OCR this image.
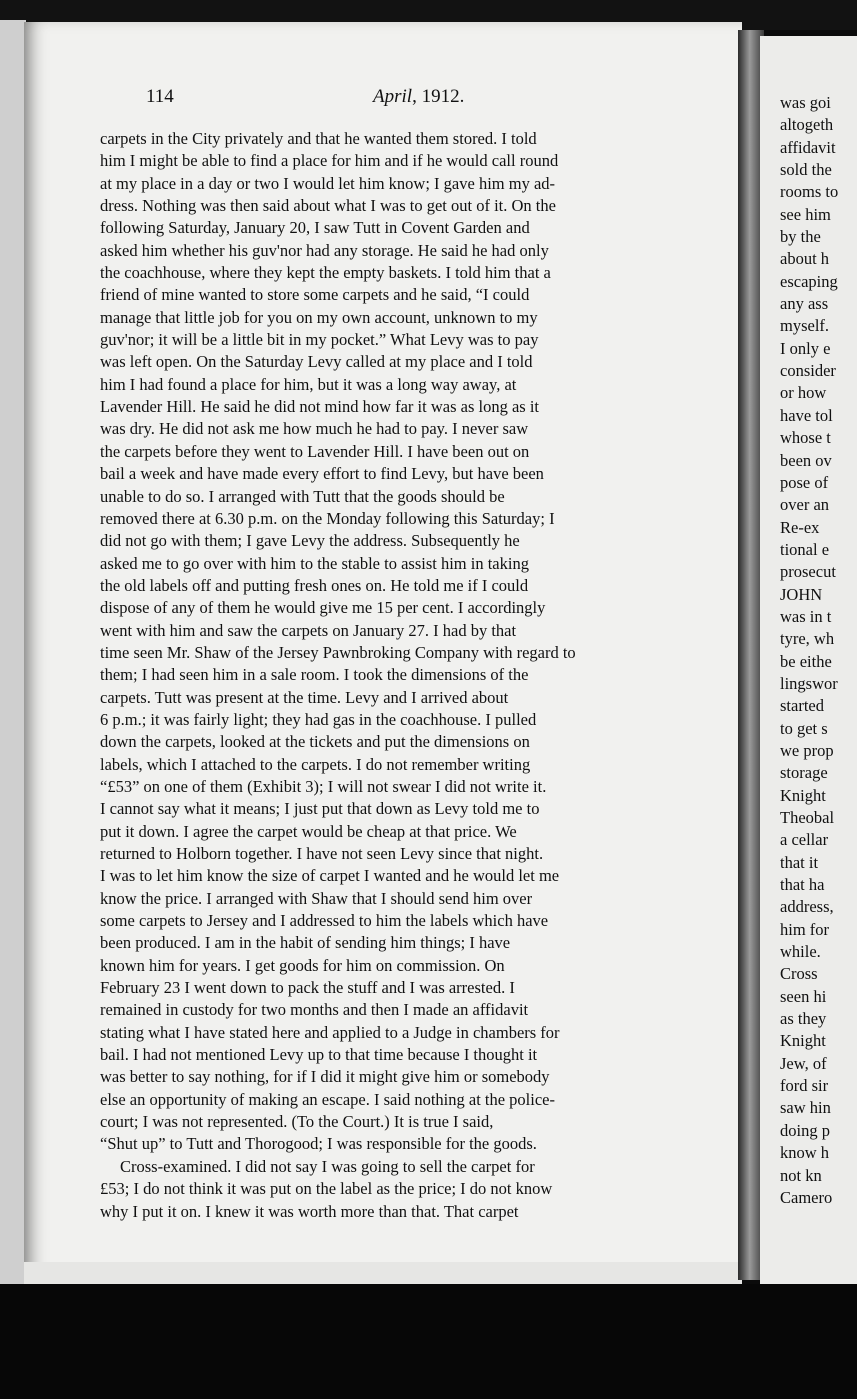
114	April, 1912.
carpets in the City privately and that he wanted them stored. I told
him I might be able to find a place for him and if he would call round
at my place in a day or two I would let him know; I gave him my ad-
dress. Nothing was then said about what I was to get out of it. On the
following Saturday, January 20, I saw Tutt in Covent Garden and
asked him whether his guv'nor had any storage. He said he had only
the coachhouse, where they kept the empty baskets. I told him that a
friend of mine wanted to store some carpets and he said, “I could
manage that little job for you on my own account, unknown to my
guv'nor; it will be a little bit in my pocket.” What Levy was to pay
was left open. On the Saturday Levy called at my place and I told
him I had found a place for him, but it was a long way away, at
Lavender Hill. He said he did not mind how far it was as long as it
was dry. He did not ask me how much he had to pay. I never saw
the carpets before they went to Lavender Hill. I have been out on
bail a week and have made every effort to find Levy, but have been
unable to do so. I arranged with Tutt that the goods should be
removed there at 6.30 p.m. on the Monday following this Saturday; I
did not go with them; I gave Levy the address. Subsequently he
asked me to go over with him to the stable to assist him in taking
the old labels off and putting fresh ones on. He told me if I could
dispose of any of them he would give me 15 per cent. I accordingly
went with him and saw the carpets on January 27. I had by that
time seen Mr. Shaw of the Jersey Pawnbroking Company with regard to
them; I had seen him in a sale room. I took the dimensions of the
carpets. Tutt was present at the time. Levy and I arrived about
6 p.m.; it was fairly light; they had gas in the coachhouse. I pulled
down the carpets, looked at the tickets and put the dimensions on
labels, which I attached to the carpets. I do not remember writing
“£53” on one of them (Exhibit 3); I will not swear I did not write it.
I cannot say what it means; I just put that down as Levy told me to
put it down. I agree the carpet would be cheap at that price. We
returned to Holborn together. I have not seen Levy since that night.
I was to let him know the size of carpet I wanted and he would let me
know the price. I arranged with Shaw that I should send him over
some carpets to Jersey and I addressed to him the labels which have
been produced. I am in the habit of sending him things; I have
known him for years. I get goods for him on commission. On
February 23 I went down to pack the stuff and I was arrested. I
remained in custody for two months and then I made an affidavit
stating what I have stated here and applied to a Judge in chambers for
bail. I had not mentioned Levy up to that time because I thought it
was better to say nothing, for if I did it might give him or somebody
else an opportunity of making an escape. I said nothing at the police-
court; I was not represented. (To the Court.) It is true I said,
“Shut up” to Tutt and Thorogood; I was responsible for the goods.
Cross-examined. I did not say I was going to sell the carpet for
£53; I do not think it was put on the label as the price; I do not know
why I put it on. I knew it was worth more than that. That carpet
was goi
altogeth
affidavit
sold the
rooms to
see him
by the
about h
escaping
any ass
myself.
I only e
consider
or how
have tol
whose t
been ov
pose of
over an
Re-ex
tional e
prosecut
JOHN
was in t
tyre, wh
be eithe
lingswor
started
to get s
we prop
storage
Knight
Theobal
a cellar
that it
that ha
address,
him for
while.
Cross
seen hi
as they
Knight
Jew, of
ford sir
saw hin
doing p
know h
not kn
Camero
